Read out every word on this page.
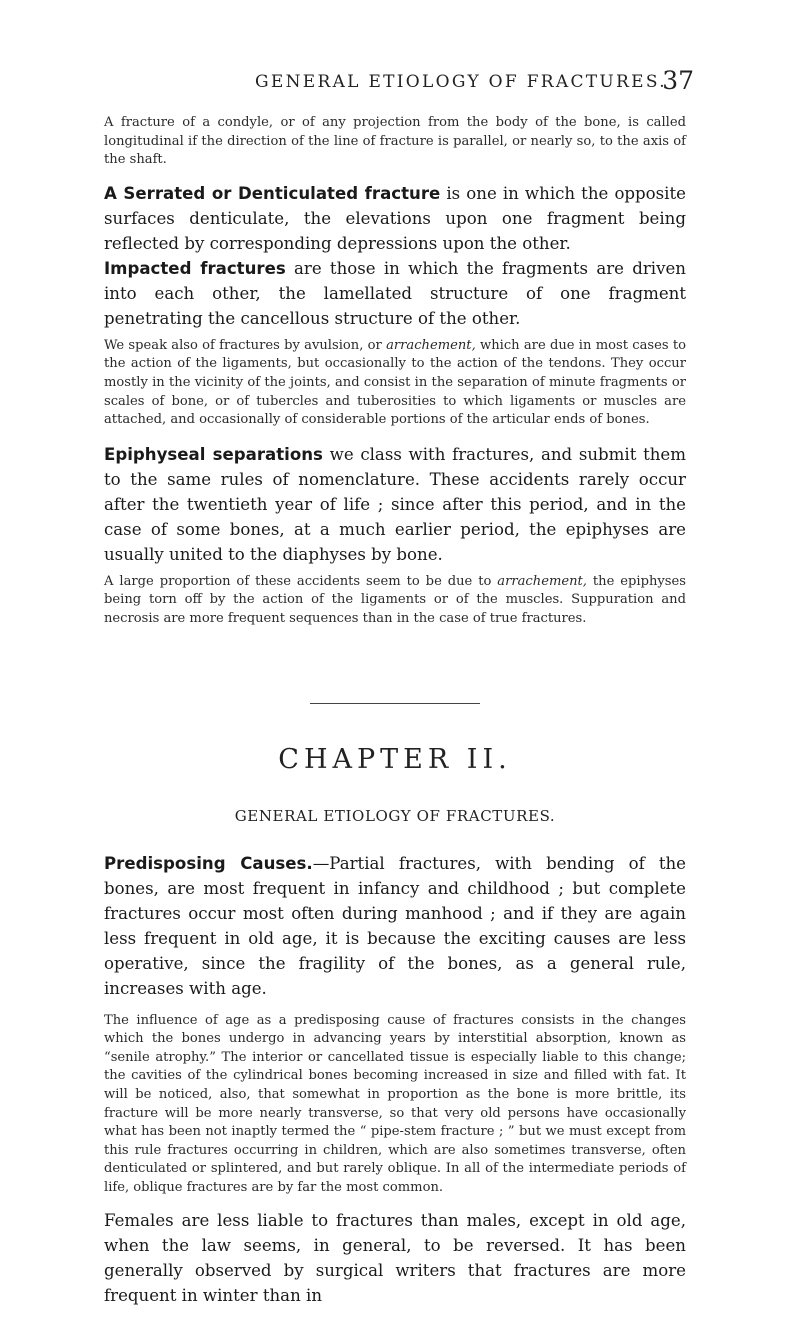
GENERAL ETIOLOGY OF FRACTURES.
37

A fracture of a condyle, or of any projection from the body of the bone, is called longitudinal if the direction of the line of fracture is parallel, or nearly so, to the axis of the shaft.

A Serrated or Denticulated fracture is one in which the opposite surfaces denticulate, the elevations upon one fragment being reflected by corresponding depressions upon the other.

Impacted fractures are those in which the fragments are driven into each other, the lamellated structure of one fragment penetrating the cancellous structure of the other.

We speak also of fractures by avulsion, or arrachement, which are due in most cases to the action of the ligaments, but occasionally to the action of the tendons. They occur mostly in the vicinity of the joints, and consist in the separation of minute fragments or scales of bone, or of tubercles and tuberosities to which ligaments or muscles are attached, and occasionally of considerable portions of the articular ends of bones.

Epiphyseal separations we class with fractures, and submit them to the same rules of nomenclature. These accidents rarely occur after the twentieth year of life ; since after this period, and in the case of some bones, at a much earlier period, the epiphyses are usually united to the diaphyses by bone.

A large proportion of these accidents seem to be due to arrachement, the epiphyses being torn off by the action of the ligaments or of the muscles. Suppuration and necrosis are more frequent sequences than in the case of true fractures.

CHAPTER II.
GENERAL ETIOLOGY OF FRACTURES.

Predisposing Causes.—Partial fractures, with bending of the bones, are most frequent in infancy and childhood ; but complete fractures occur most often during manhood ; and if they are again less frequent in old age, it is because the exciting causes are less operative, since the fragility of the bones, as a general rule, increases with age.

The influence of age as a predisposing cause of fractures consists in the changes which the bones undergo in advancing years by interstitial absorption, known as “senile atrophy.” The interior or cancellated tissue is especially liable to this change; the cavities of the cylindrical bones becoming increased in size and filled with fat. It will be noticed, also, that somewhat in proportion as the bone is more brittle, its fracture will be more nearly transverse, so that very old persons have occasionally what has been not inaptly termed the “ pipe-stem fracture ; ” but we must except from this rule fractures occurring in children, which are also sometimes transverse, often denticulated or splintered, and but rarely oblique. In all of the intermediate periods of life, oblique fractures are by far the most common.

Females are less liable to fractures than males, except in old age, when the law seems, in general, to be reversed. It has been generally observed by surgical writers that fractures are more frequent in winter than in
